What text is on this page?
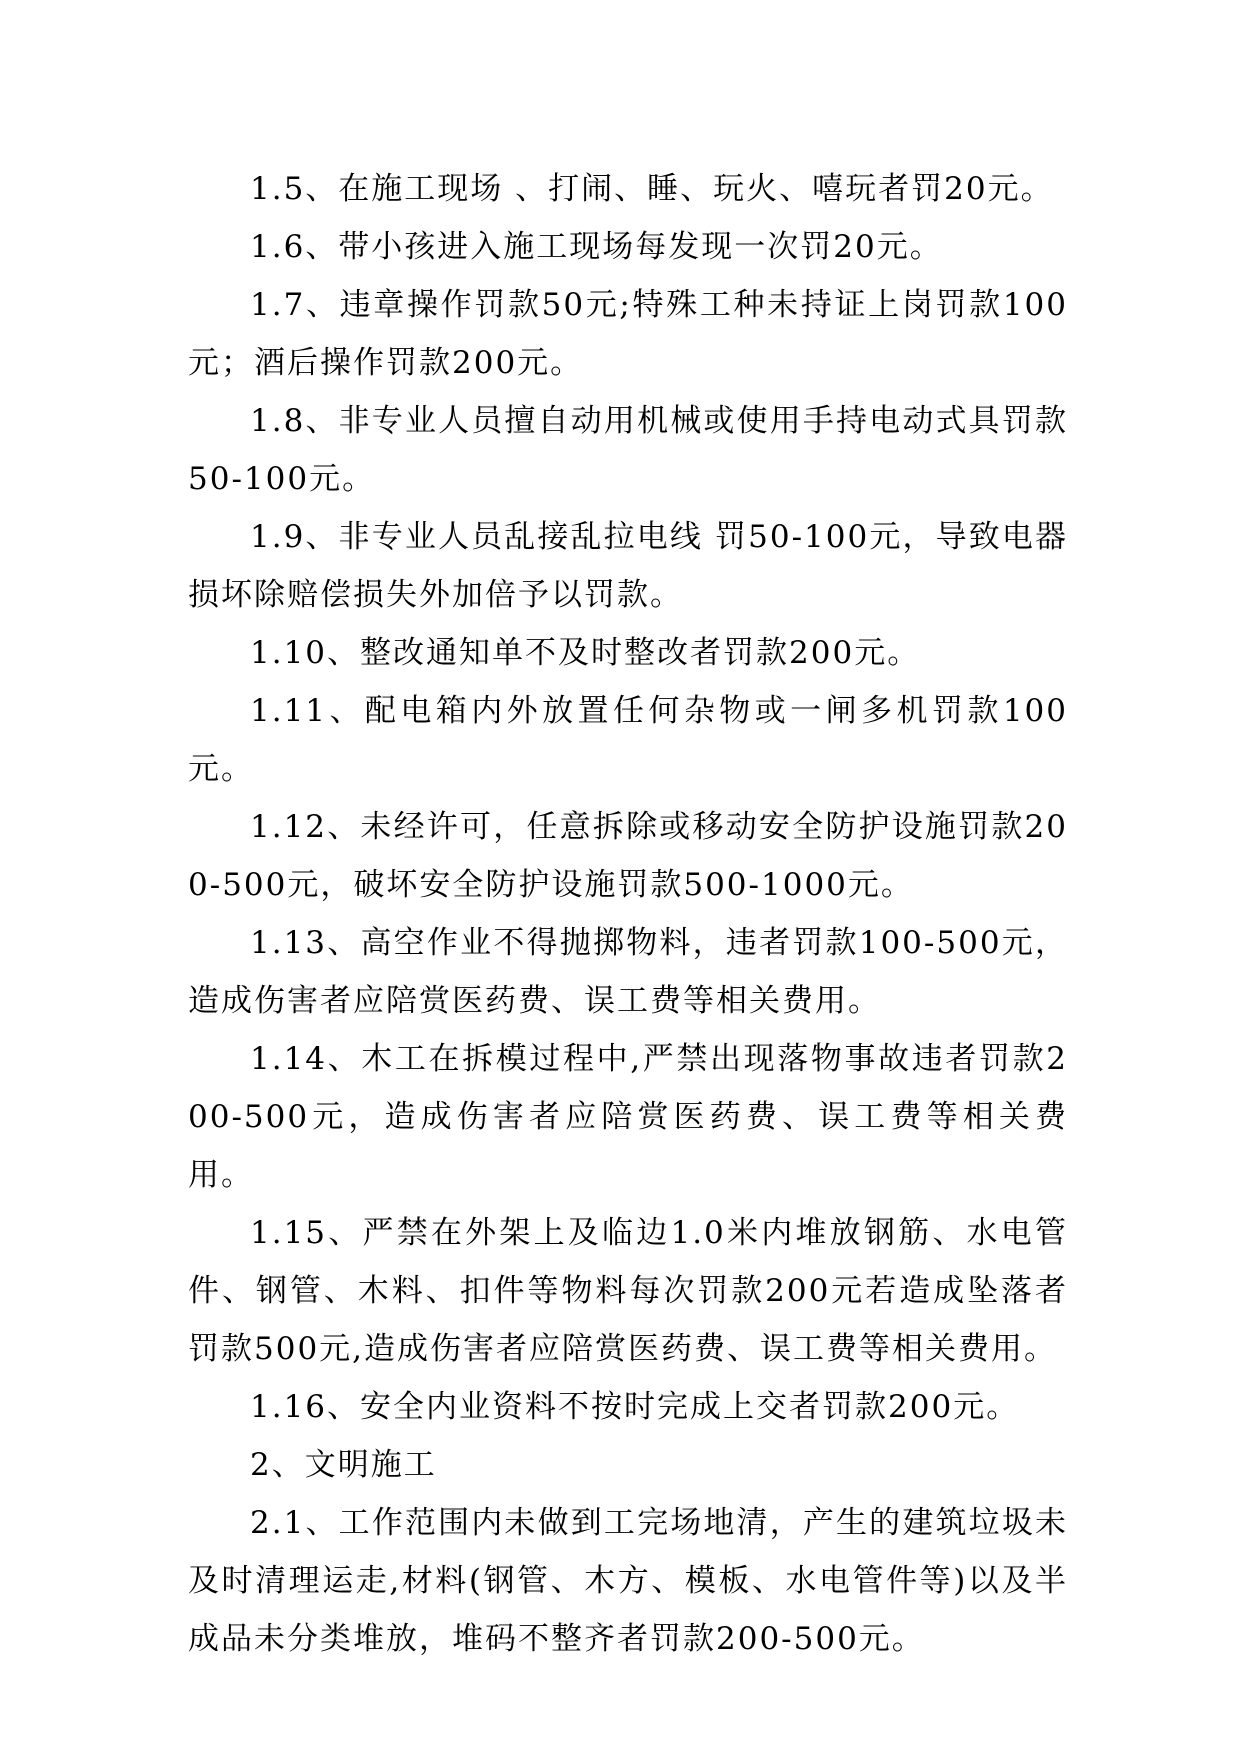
1.5、在施工现场 、打闹、睡、玩火、嘻玩者罚20元。

1.6、带小孩进入施工现场每发现一次罚20元。

1.7、违章操作罚款50元;特殊工种未持证上岗罚款100元；酒后操作罚款200元。

1.8、非专业人员擅自动用机械或使用手持电动式具罚款50-100元。

1.9、非专业人员乱接乱拉电线 罚50-100元，导致电器损坏除赔偿损失外加倍予以罚款。

1.10、整改通知单不及时整改者罚款200元。

1.11、配电箱内外放置任何杂物或一闸多机罚款100元。

1.12、未经许可，任意拆除或移动安全防护设施罚款200-500元，破坏安全防护设施罚款500-1000元。

1.13、高空作业不得抛掷物料，违者罚款100-500元，造成伤害者应陪赏医药费、误工费等相关费用。

1.14、木工在拆模过程中,严禁出现落物事故违者罚款200-500元，造成伤害者应陪赏医药费、误工费等相关费用。

1.15、严禁在外架上及临边1.0米内堆放钢筋、水电管件、钢管、木料、扣件等物料每次罚款200元若造成坠落者罚款500元,造成伤害者应陪赏医药费、误工费等相关费用。

1.16、安全内业资料不按时完成上交者罚款200元。

2、文明施工

2.1、工作范围内未做到工完场地清，产生的建筑垃圾未及时清理运走,材料(钢管、木方、模板、水电管件等)以及半成品未分类堆放，堆码不整齐者罚款200-500元。
